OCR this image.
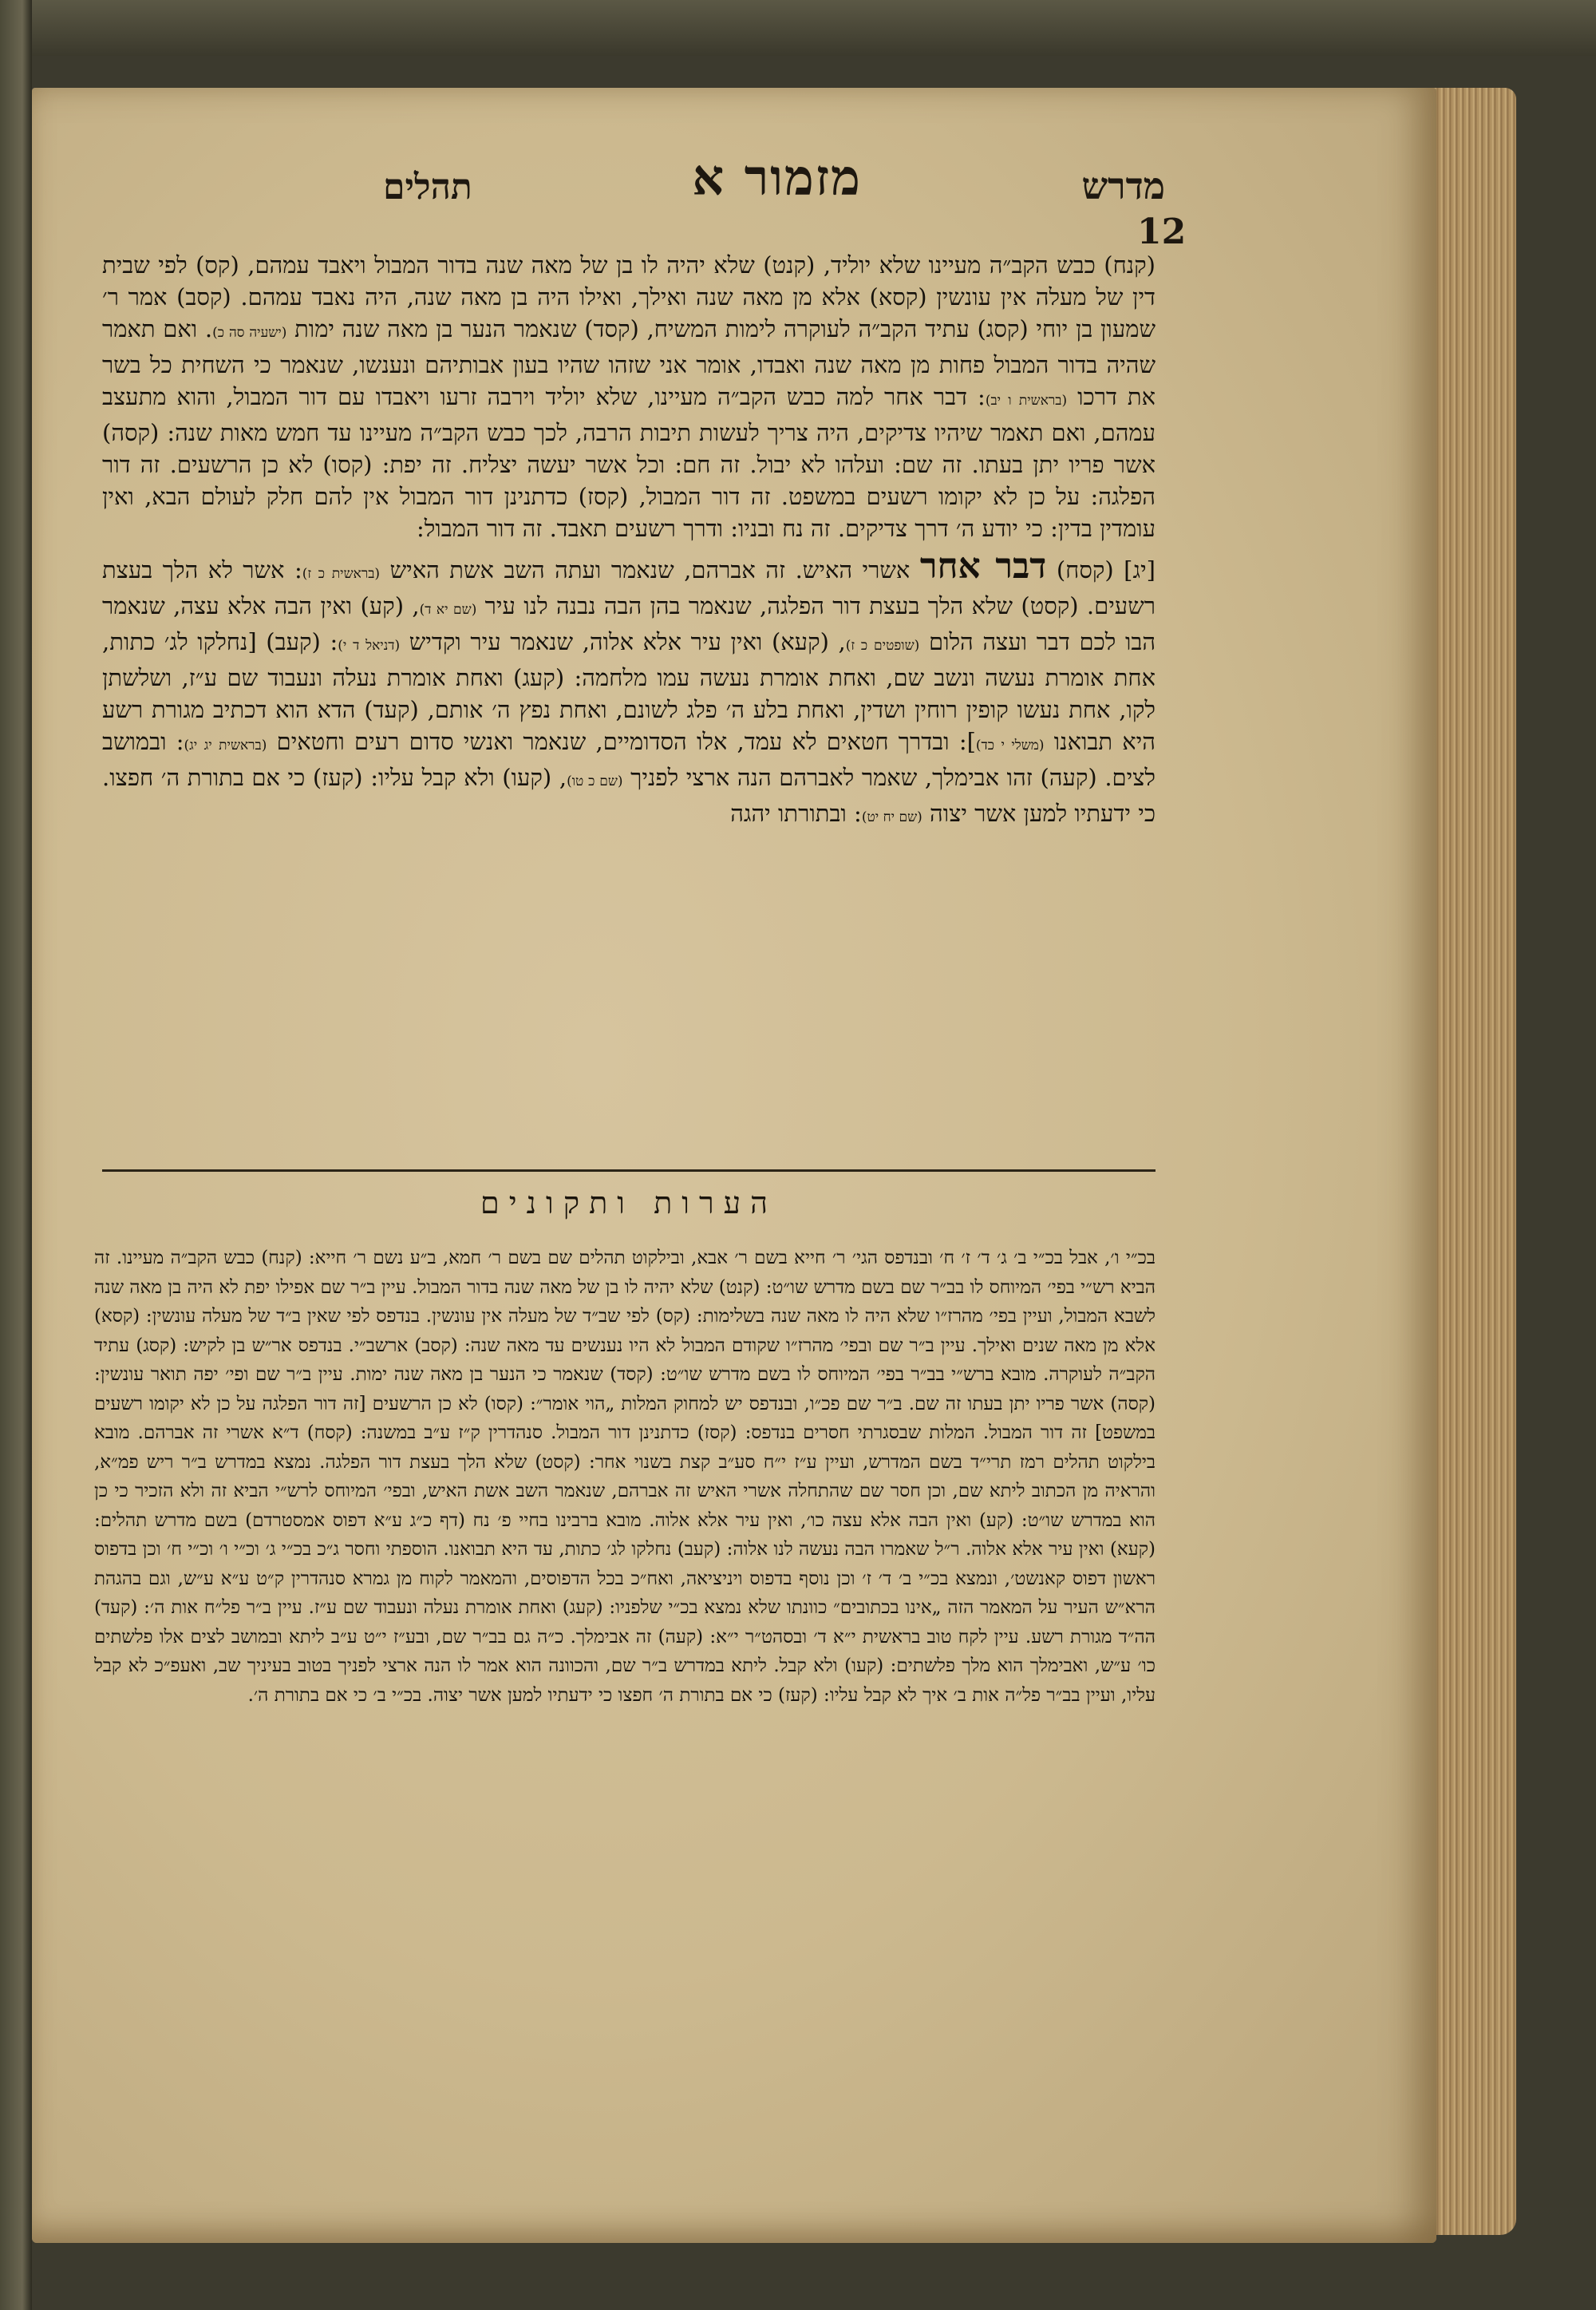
מדרש
מזמור א
תהלים
12

(קנח) כבש הקב״ה מעיינו שלא יוליד, (קנט) שלא יהיה לו בן של מאה שנה בדור המבול ויאבד עמהם, (קס) לפי שבית דין של מעלה אין עונשין (קסא) אלא מן מאה שנה ואילך, ואילו היה בן מאה שנה, היה נאבד עמהם. (קסב) אמר ר׳ שמעון בן יוחי (קסג) עתיד הקב״ה לעוקרה לימות המשיח, (קסד) שנאמר הנער בן מאה שנה ימות (ישעיה סה כ). ואם תאמר שהיה בדור המבול פחות מן מאה שנה ואבדו, אומר אני שזהו שהיו בעון אבותיהם ונענשו, שנאמר כי השחית כל בשר את דרכו (בראשית ו יב): דבר אחר למה כבש הקב״ה מעיינו, שלא יוליד וירבה זרעו ויאבדו עם דור המבול, והוא מתעצב עמהם, ואם תאמר שיהיו צדיקים, היה צריך לעשות תיבות הרבה, לכך כבש הקב״ה מעיינו עד חמש מאות שנה: (קסה) אשר פריו יתן בעתו. זה שם: ועלהו לא יבול. זה חם: וכל אשר יעשה יצליח. זה יפת: (קסו) לא כן הרשעים. זה דור הפלגה: על כן לא יקומו רשעים במשפט. זה דור המבול, (קסז) כדתנינן דור המבול אין להם חלק לעולם הבא, ואין עומדין בדין: כי יודע ה׳ דרך צדיקים. זה נח ובניו: ודרך רשעים תאבד. זה דור המבול:

[יג] (קסח) דבר אחר אשרי האיש. זה אברהם, שנאמר ועתה השב אשת האיש (בראשית כ ז): אשר לא הלך בעצת רשעים. (קסט) שלא הלך בעצת דור הפלגה, שנאמר בהן הבה נבנה לנו עיר (שם יא ד), (קע) ואין הבה אלא עצה, שנאמר הבו לכם דבר ועצה הלום (שופטים כ ז), (קעא) ואין עיר אלא אלוה, שנאמר עיר וקדיש (דניאל ד י): (קעב) [נחלקו לג׳ כתות, אחת אומרת נעשה ונשב שם, ואחת אומרת נעשה עמו מלחמה: (קעג) ואחת אומרת נעלה ונעבוד שם ע״ז, ושלשתן לקו, אחת נעשו קופין רוחין ושדין, ואחת בלע ה׳ פלג לשונם, ואחת נפץ ה׳ אותם, (קעד) הדא הוא דכתיב מגורת רשע היא תבואנו (משלי י כד)]: ובדרך חטאים לא עמד, אלו הסדומיים, שנאמר ואנשי סדום רעים וחטאים (בראשית יג יג): ובמושב לצים. (קעה) זהו אבימלך, שאמר לאברהם הנה ארצי לפניך (שם כ טו), (קעו) ולא קבל עליו: (קעז) כי אם בתורת ה׳ חפצו. כי ידעתיו למען אשר יצוה (שם יח יט): ובתורתו יהגה

הערות ותקונים

בכ״י ו׳, אבל בכ״י ב׳ ג׳ ד׳ ז׳ ח׳ ובנדפס הגי׳ ר׳ חייא בשם ר׳ אבא, ובילקוט תהלים שם בשם ר׳ חמא, ב״ע נשם ר׳ חייא: (קנח) כבש הקב״ה מעיינו. זה הביא רש״י בפי׳ המיוחס לו בב״ר שם בשם מדרש שו״ט: (קנט) שלא יהיה לו בן של מאה שנה בדור המבול. עיין ב״ר שם אפילו יפת לא היה בן מאה שנה לשבא המבול, ועיין בפי׳ מהרז״ו שלא היה לו מאה שנה בשלימות: (קס) לפי שב״ד של מעלה אין עונשין. בנדפס לפי שאין ב״ד של מעלה עונשין: (קסא) אלא מן מאה שנים ואילך. עיין ב״ר שם ובפי׳ מהרז״ו שקודם המבול לא היו נענשים עד מאה שנה: (קסב) ארשב״י. בנדפס אר״ש בן לקיש: (קסג) עתיד הקב״ה לעוקרה. מובא ברש״י בב״ר בפי׳ המיוחס לו בשם מדרש שו״ט: (קסד) שנאמר כי הנער בן מאה שנה ימות. עיין ב״ר שם ופי׳ יפה תואר עונשין: (קסה) אשר פריו יתן בעתו זה שם. ב״ר שם פכ״ו, ובנדפס יש למחוק המלות „הוי אומר״: (קסו) לא כן הרשעים [זה דור הפלגה על כן לא יקומו רשעים במשפט] זה דור המבול. המלות שבסגרתי חסרים בנדפס: (קסז) כדתנינן דור המבול. סנהדרין ק״ז ע״ב במשנה: (קסח) ד״א אשרי זה אברהם. מובא בילקוט תהלים רמז תרי״ד בשם המדרש, ועיין ע״ז י״ח סע״ב קצת בשנוי אחר: (קסט) שלא הלך בעצת דור הפלגה. נמצא במדרש ב״ר ריש פמ״א, והראיה מן הכתוב ליתא שם, וכן חסר שם שהתחלה אשרי האיש זה אברהם, שנאמר השב אשת האיש, ובפי׳ המיוחס לרש״י הביא זה ולא הזכיר כי כן הוא במדרש שו״ט: (קע) ואין הבה אלא עצה כו׳, ואין עיר אלא אלוה. מובא ברבינו בחיי פ׳ נח (דף כ״ג ע״א דפוס אמסטרדם) בשם מדרש תהלים: (קעא) ואין עיר אלא אלוה. ר״ל שאמרו הבה נעשה לנו אלוה: (קעב) נחלקו לג׳ כתות, עד היא תבואנו. הוספתי וחסר ג״כ בכ״י ג׳ וכ״י ו׳ וכ״י ח׳ וכן בדפוס ראשון דפוס קאנשט׳, ונמצא בכ״י ב׳ ד׳ ז׳ וכן נוסף בדפוס ויניציאה, ואח״כ בכל הדפוסים, והמאמר לקוח מן גמרא סנהדרין ק״ט ע״א ע״ש, וגם בהגהת הרא״ש העיר על המאמר הזה „אינו בכתובים״ כוונתו שלא נמצא בכ״י שלפניו: (קעג) ואחת אומרת נעלה ונעבוד שם ע״ז. עיין ב״ר פל״ח אות ה׳: (קעד) הה״ד מגורת רשע. עיין לקח טוב בראשית י״א ד׳ ובסהט״ר י״א: (קעה) זה אבימלך. כ״ה גם בב״ר שם, ובע״ז י״ט ע״ב ליתא ובמושב לצים אלו פלשתים כו׳ ע״ש, ואבימלך הוא מלך פלשתים: (קעו) ולא קבל. ליתא במדרש ב״ר שם, והכוונה הוא אמר לו הנה ארצי לפניך בטוב בעיניך שב, ואעפ״כ לא קבל עליו, ועיין בב״ר פל״ה אות ב׳ איך לא קבל עליו: (קעז) כי אם בתורת ה׳ חפצו כי ידעתיו למען אשר יצוה. בכ״י ב׳ כי אם בתורת ה׳.
